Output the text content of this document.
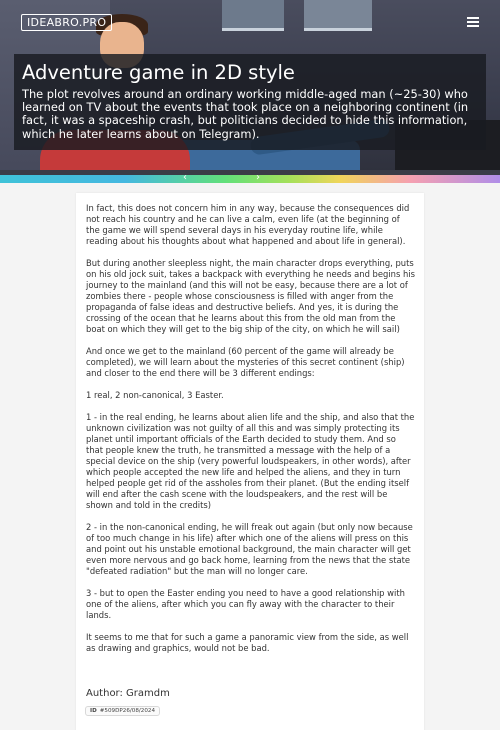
IDEABRO.PRO
Adventure game in 2D style

The plot revolves around an ordinary working middle-aged man (~25-30) who learned on TV about the events that took place on a neighboring continent (in fact, it was a spaceship crash, but politicians decided to hide this information, which he later learns about on Telegram).

‹	›

In fact, this does not concern him in any way, because the consequences did not reach his country and he can live a calm, even life (at the beginning of the game we will spend several days in his everyday routine life, while reading about his thoughts about what happened and about life in general).

But during another sleepless night, the main character drops everything, puts on his old jock suit, takes a backpack with everything he needs and begins his journey to the mainland (and this will not be easy, because there are a lot of zombies there - people whose consciousness is filled with anger from the propaganda of false ideas and destructive beliefs. And yes, it is during the crossing of the ocean that he learns about this from the old man from the boat on which they will get to the big ship of the city, on which he will sail)

And once we get to the mainland (60 percent of the game will already be completed), we will learn about the mysteries of this secret continent (ship) and closer to the end there will be 3 different endings:

1 real, 2 non-canonical, 3 Easter.

1 - in the real ending, he learns about alien life and the ship, and also that the unknown civilization was not guilty of all this and was simply protecting its planet until important officials of the Earth decided to study them. And so that people knew the truth, he transmitted a message with the help of a special device on the ship (very powerful loudspeakers, in other words), after which people accepted the new life and helped the aliens, and they in turn helped people get rid of the assholes from their planet. (But the ending itself will end after the cash scene with the loudspeakers, and the rest will be shown and told in the credits)

2 - in the non-canonical ending, he will freak out again (but only now because of too much change in his life) after which one of the aliens will press on this and point out his unstable emotional background, the main character will get even more nervous and go back home, learning from the news that the state "defeated radiation" but the man will no longer care.

3 - but to open the Easter ending you need to have a good relationship with one of the aliens, after which you can fly away with the character to their lands.

It seems to me that for such a game a panoramic view from the side, as well as drawing and graphics, would not be bad.

Author: Gramdm
ID #509DP26/08/2024
